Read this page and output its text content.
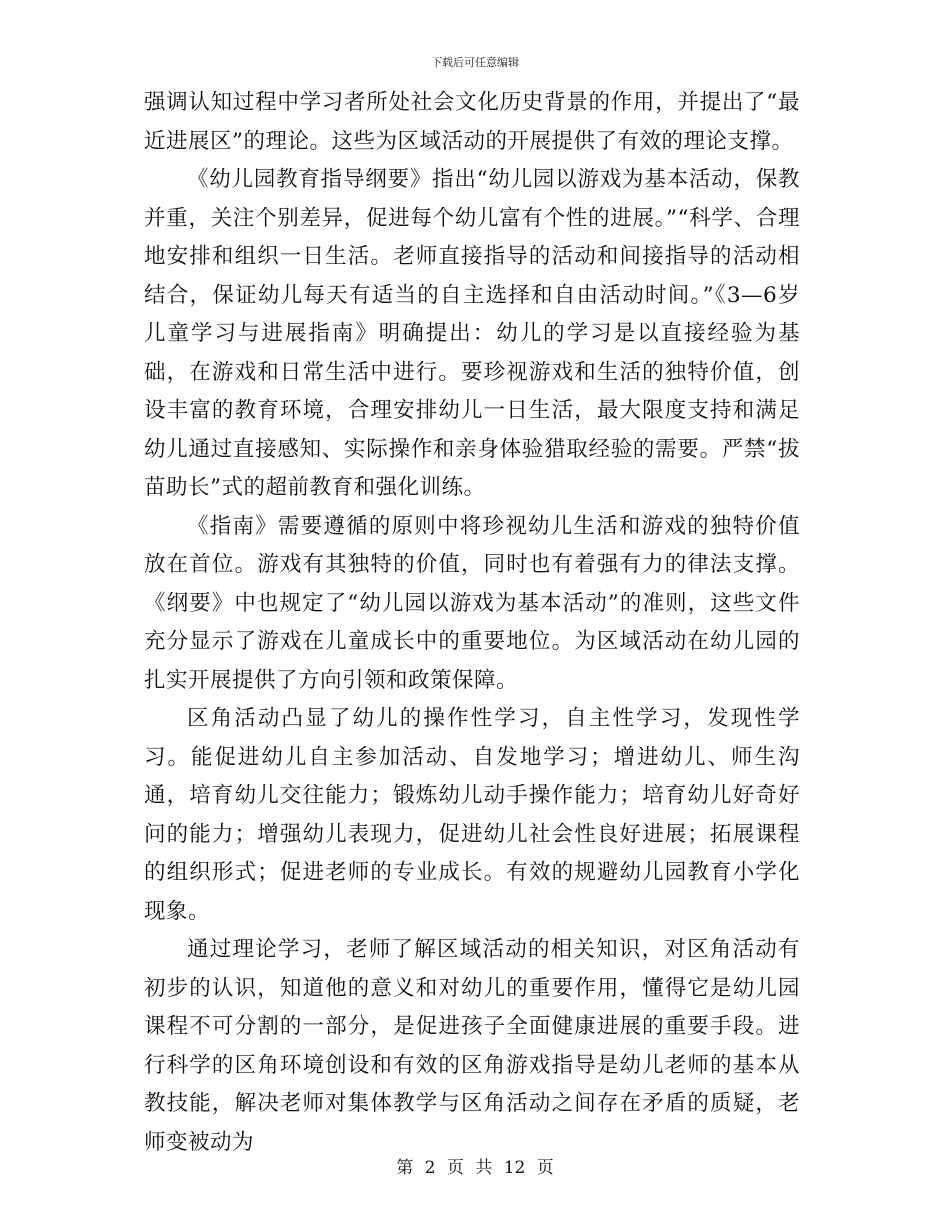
下载后可任意编辑

强调认知过程中学习者所处社会文化历史背景的作用，并提出了“最近进展区”的理论。这些为区域活动的开展提供了有效的理论支撑。

《幼儿园教育指导纲要》指出“幼儿园以游戏为基本活动，保教并重，关注个别差异，促进每个幼儿富有个性的进展。”“科学、合理地安排和组织一日生活。老师直接指导的活动和间接指导的活动相结合，保证幼儿每天有适当的自主选择和自由活动时间。”《3—6岁儿童学习与进展指南》明确提出：幼儿的学习是以直接经验为基础，在游戏和日常生活中进行。要珍视游戏和生活的独特价值，创设丰富的教育环境，合理安排幼儿一日生活，最大限度支持和满足幼儿通过直接感知、实际操作和亲身体验猎取经验的需要。严禁“拔苗助长”式的超前教育和强化训练。

《指南》需要遵循的原则中将珍视幼儿生活和游戏的独特价值放在首位。游戏有其独特的价值，同时也有着强有力的律法支撑。《纲要》中也规定了“幼儿园以游戏为基本活动”的准则，这些文件充分显示了游戏在儿童成长中的重要地位。为区域活动在幼儿园的扎实开展提供了方向引领和政策保障。

区角活动凸显了幼儿的操作性学习，自主性学习，发现性学习。能促进幼儿自主参加活动、自发地学习；增进幼儿、师生沟通，培育幼儿交往能力；锻炼幼儿动手操作能力；培育幼儿好奇好问的能力；增强幼儿表现力，促进幼儿社会性良好进展；拓展课程的组织形式；促进老师的专业成长。有效的规避幼儿园教育小学化现象。

通过理论学习，老师了解区域活动的相关知识，对区角活动有初步的认识，知道他的意义和对幼儿的重要作用，懂得它是幼儿园课程不可分割的一部分，是促进孩子全面健康进展的重要手段。进行科学的区角环境创设和有效的区角游戏指导是幼儿老师的基本从教技能，解决老师对集体教学与区角活动之间存在矛盾的质疑，老师变被动为

第 2 页 共 12 页
